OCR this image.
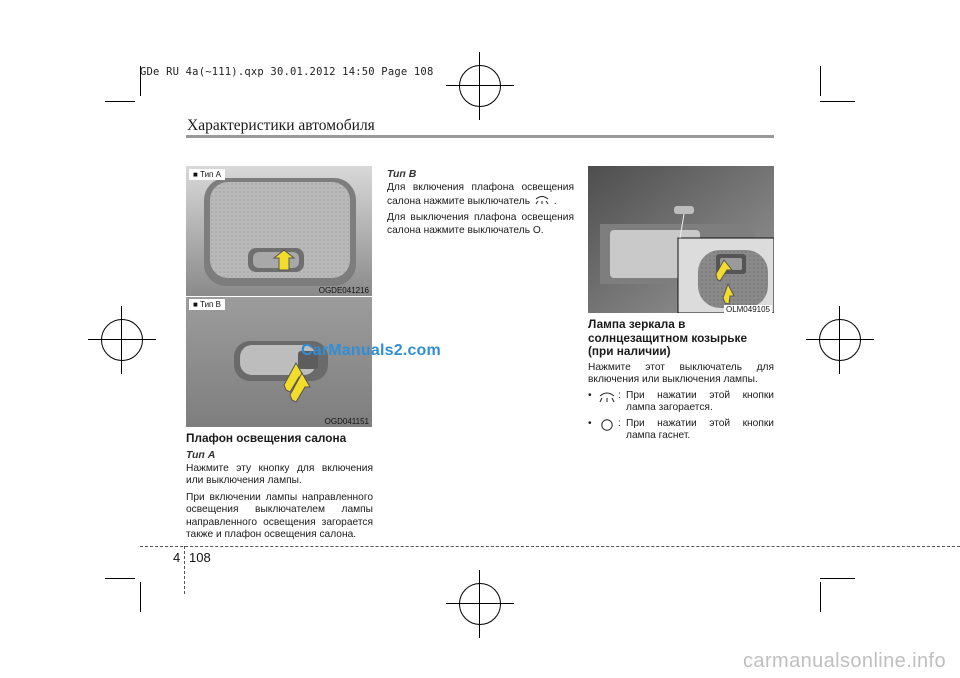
GDe RU 4a(~111).qxp 30.01.2012 14:50 Page 108
Характеристики автомобиля
■ Тип A
OGDE041216
■ Тип B
OGD041151

Плафон освещения салона

Тип A

Нажмите эту кнопку для включения или выключения лампы.

При включении лампы направленного освещения выключателем лампы направленного освещения загорается также и плафон освещения салона.

Тип B

Для включения плафона освещения салона нажмите выключатель .

Для выключения плафона освещения салона нажмите выключатель O.

CarManuals2.com
OLM049105

Лампа зеркала в солнцезащитном козырьке (при наличии)

Нажмите этот выключатель для включения или выключения лампы.

•	: При нажатии этой кнопки лампа загорается.
•	: При нажатии этой кнопки лампа гаснет.
4 108
carmanualsonline.info
